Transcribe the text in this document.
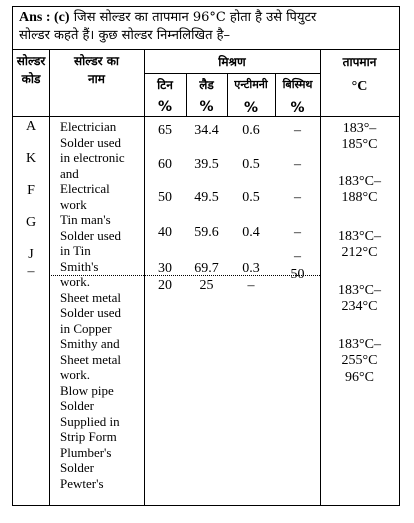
Ans : (c) जिस सोल्डर का तापमान 96°C होता है उसे पियुटर
सोल्डर कहते हैं। कुछ सोल्डर निम्नलिखित है–
सोल्डर
कोड
सोल्डर का
नाम
मिश्रण	तापमान
°C
टिन
%
लैड
%
एन्टीमनी
%
बिस्मिथ
%
A
K
F
G
J
–
Electrician
Solder used
in electronic
and
Electrical
work
Tin man's
Solder used
in Tin
Smith's
work.
Sheet metal
Solder used
in Copper
Smithy and
Sheet metal
work.
Blow pipe
Solder
Supplied in
Strip Form
Plumber's
Solder
Pewter's
65
60
50
40
30
20
34.4
39.5
49.5
59.6
69.7
25
0.6
0.5
0.5
0.4
0.3
–
–
–
–
–
–
50
183°–
185°C
183°C–
188°C
183°C–
212°C
183°C–
234°C
183°C–
255°C
96°C
